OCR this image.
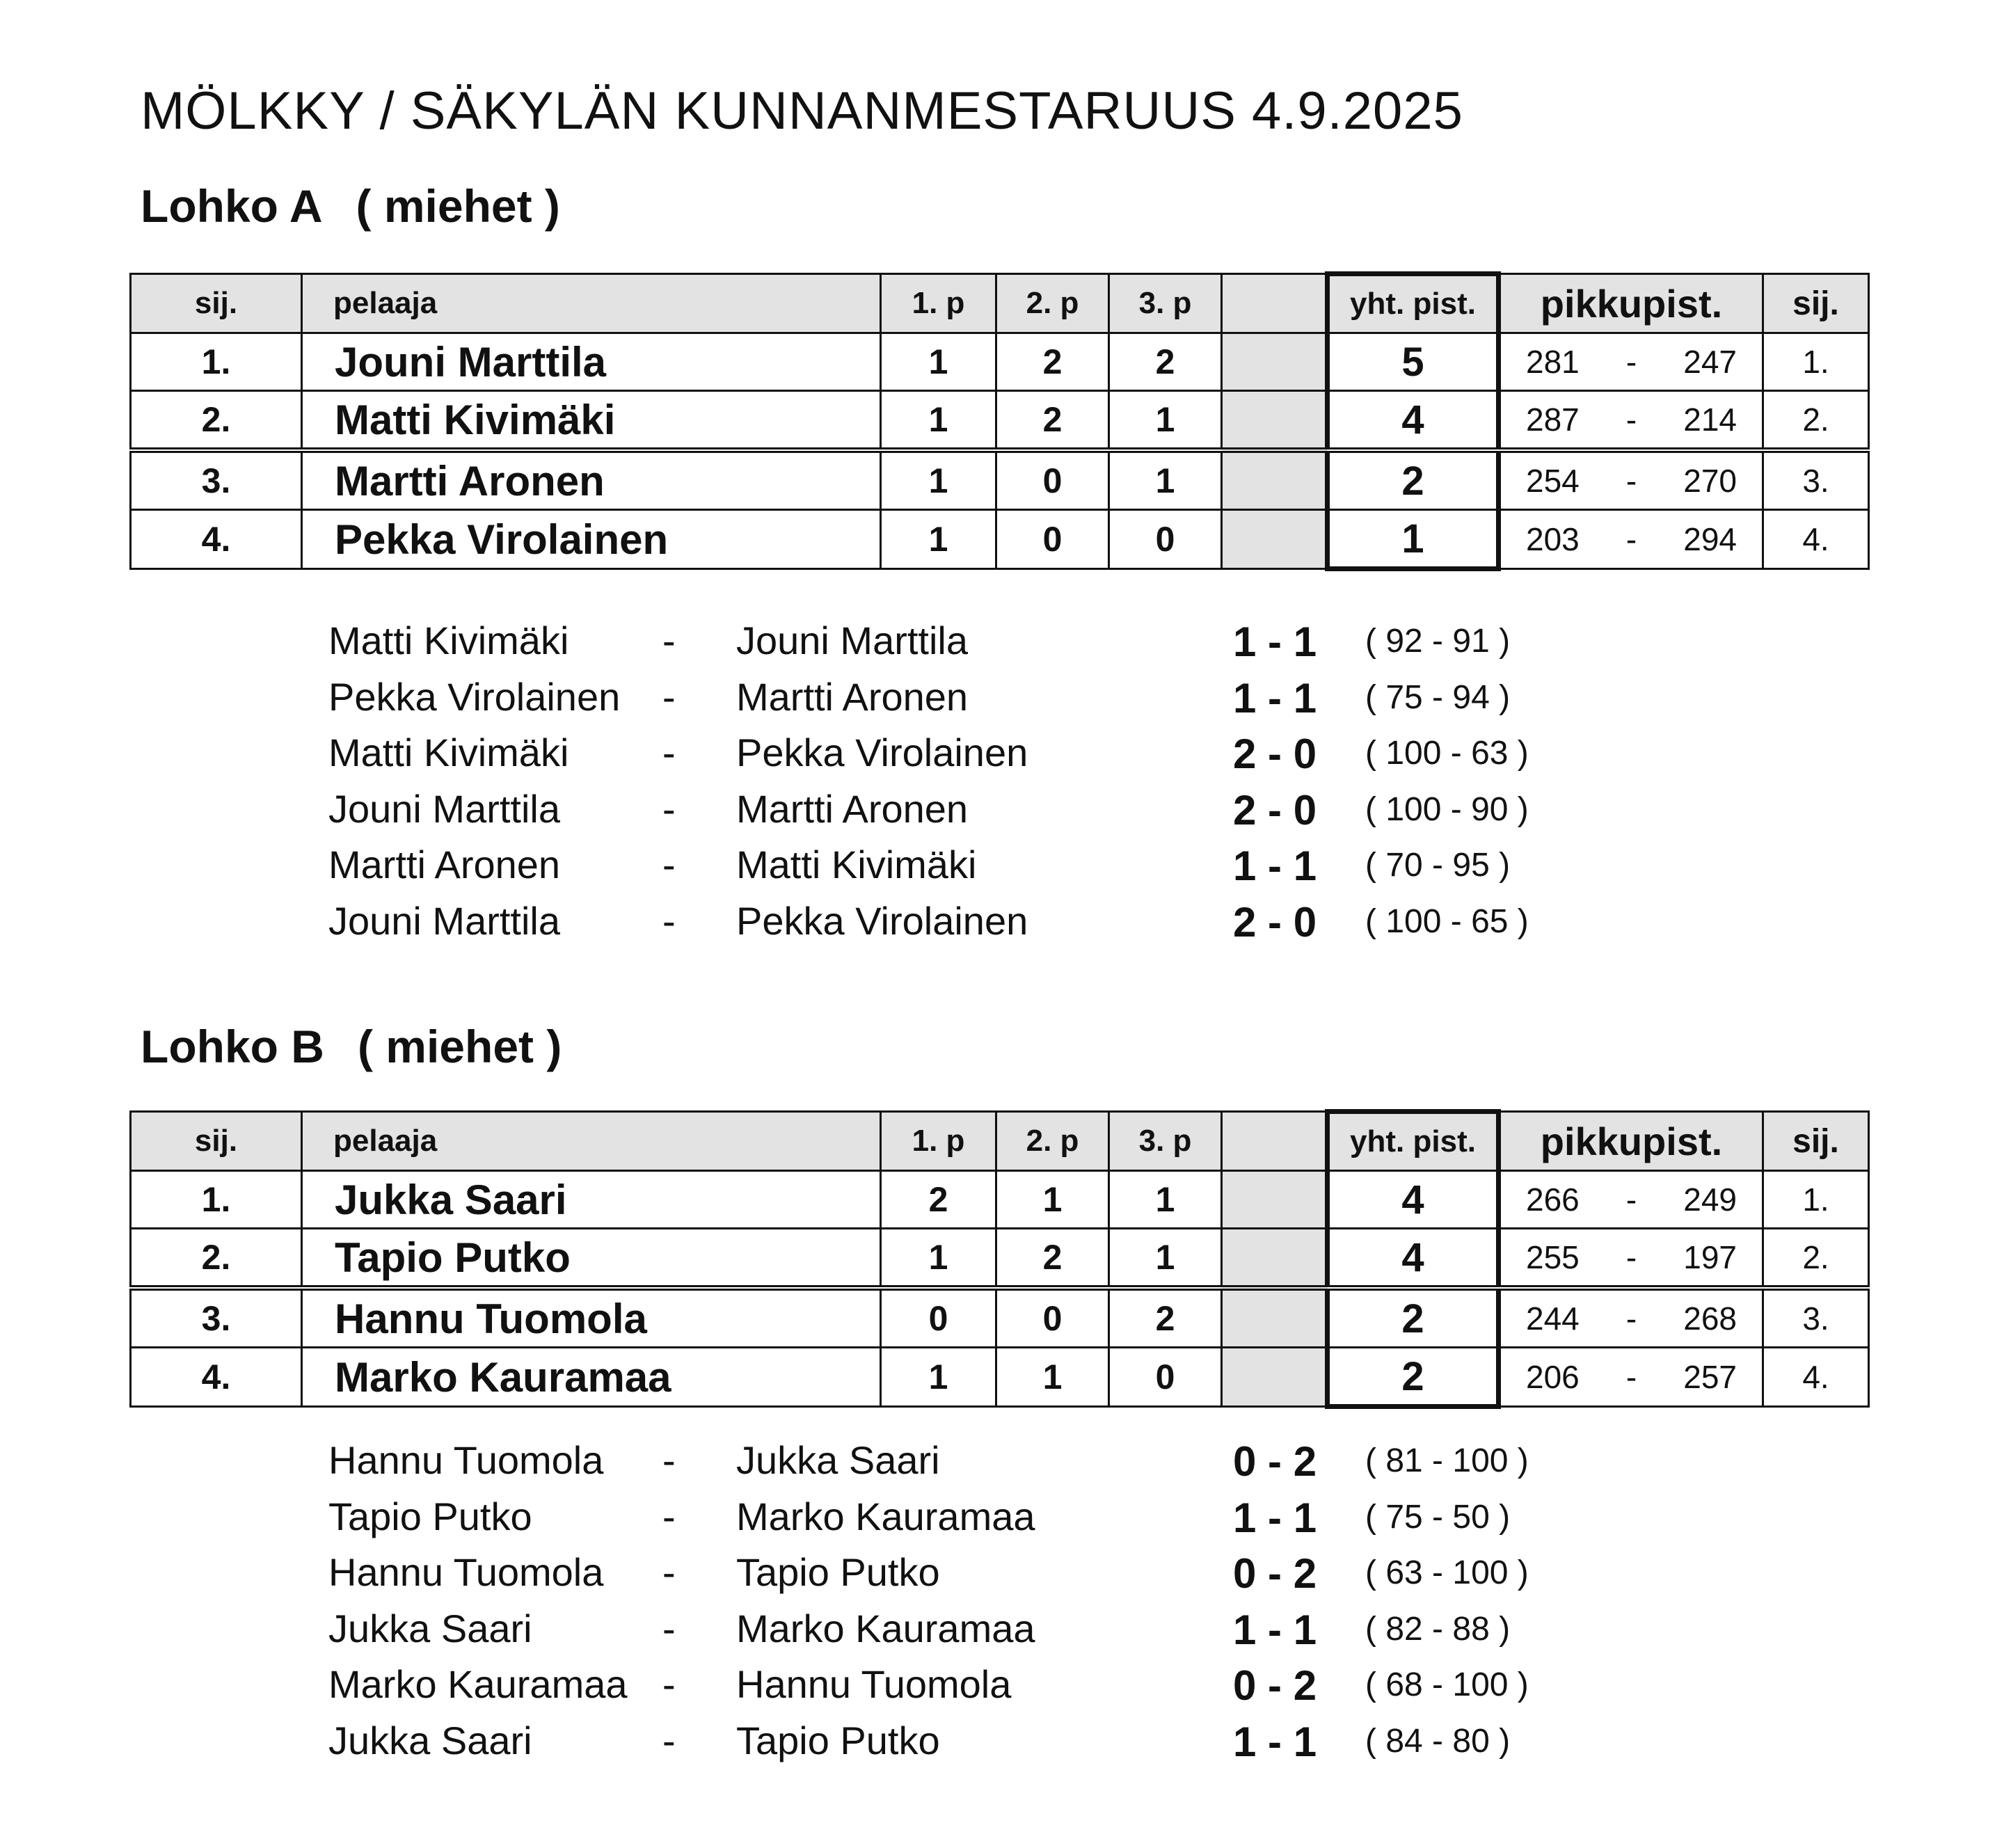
MÖLKKY / SÄKYLÄN KUNNANMESTARUUS 4.9.2025
Lohko A ( miehet )
sij.	pelaaja	1. p	2. p	3. p		yht. pist.	pikkupist.	sij.
1.	Jouni Marttila	1	2	2		5	281 - 247	1.
2.	Matti Kivimäki	1	2	1		4	287 - 214	2.
3.	Martti Aronen	1	0	1		2	254 - 270	3.
4.	Pekka Virolainen	1	0	0		1	203 - 294	4.
Matti Kivimäki - Jouni Marttila	1 - 1 ( 92 - 91 )
Pekka Virolainen - Martti Aronen	1 - 1 ( 75 - 94 )
Matti Kivimäki - Pekka Virolainen	2 - 0 ( 100 - 63 )
Jouni Marttila	- Martti Aronen	2 - 0 ( 100 - 90 )
Martti Aronen	- Matti Kivimäki	1 - 1 ( 70 - 95 )
Jouni Marttila	- Pekka Virolainen	2 - 0 ( 100 - 65 )
Lohko B ( miehet )
sij.	pelaaja	1. p	2. p	3. p		yht. pist.	pikkupist.	sij.
1.	Jukka Saari	2	1	1		4	266 - 249	1.
2.	Tapio Putko	1	2	1		4	255 - 197	2.
3.	Hannu Tuomola	0	0	2		2	244 - 268	3.
4.	Marko Kauramaa	1	1	0		2	206 - 257	4.
Hannu Tuomola - Jukka Saari	0 - 2 ( 81 - 100 )
Tapio Putko	- Marko Kauramaa	1 - 1 ( 75 - 50 )
Hannu Tuomola - Tapio Putko	0 - 2 ( 63 - 100 )
Jukka Saari	- Marko Kauramaa	1 - 1 ( 82 - 88 )
Marko Kauramaa - Hannu Tuomola	0 - 2 ( 68 - 100 )
Jukka Saari	- Tapio Putko	1 - 1 ( 84 - 80 )
